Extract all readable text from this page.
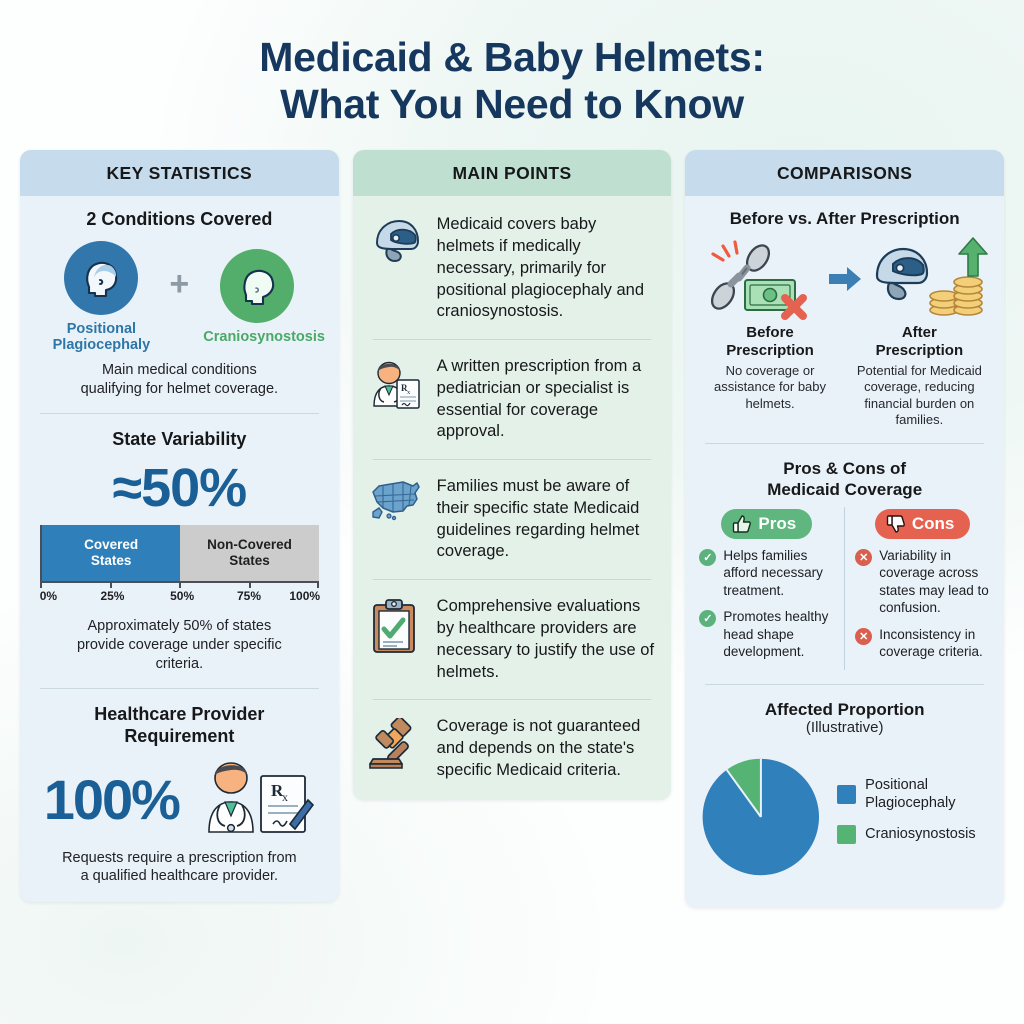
Medicaid & Baby Helmets:
What You Need to Know
KEY STATISTICS
2 Conditions Covered
Positional
Plagiocephaly
+
Craniosynostosis
Main medical conditions
qualifying for helmet coverage.
State Variability
≈50%
Covered
States
Non-Covered
States
0%	25%	50%	75% 100%
Approximately 50% of states
provide coverage under specific
criteria.
Healthcare Provider
Requirement
100%	R
x
Requests require a prescription from
a qualified healthcare provider.
MAIN POINTS
Medicaid covers baby helmets if medically necessary, primarily for positional plagiocephaly and craniosynostosis.
R x
A written prescription from a pediatrician or specialist is essential for coverage approval.
Families must be aware of their specific state Medicaid guidelines regarding helmet coverage.
Comprehensive evaluations by healthcare providers are necessary to justify the use of helmets.
Coverage is not guaranteed and depends on the state's specific Medicaid criteria.
COMPARISONS
Before vs. After Prescription
Before
Prescription
No coverage or assistance for baby helmets.
After
Prescription
Potential for Medicaid coverage, reducing financial burden on families.
Pros & Cons of
Medicaid Coverage
Pros
✓ Helps families afford necessary treatment.
✓ Promotes healthy head shape development.
Cons
✕ Variability in coverage across states may lead to confusion.
✕ Inconsistency in coverage criteria.
Affected Proportion
(Illustrative)
Positional Plagiocephaly
Craniosynostosis
